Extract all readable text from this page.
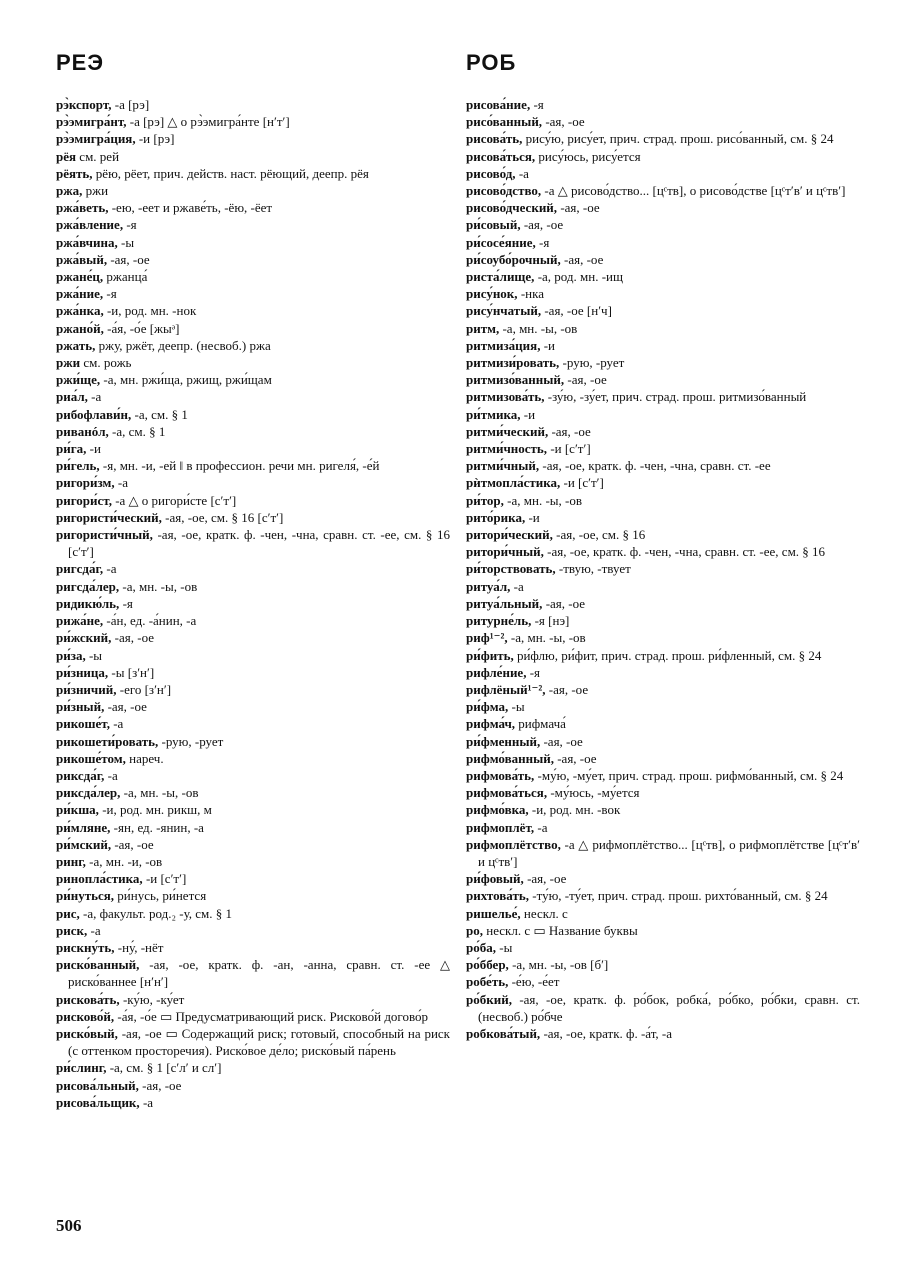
РЕЭ

рэ̀кспорт, -а [рэ]

рэ̀эмигра́нт, -а [рэ] △ о рэ̀эмигра́нте [нʹтʹ]

рэ̀эмигра́ция, -и [рэ]

рёя см. рей

рёять, рёю, рёет, прич. действ. наст. рёющий, деепр. рёя

ржа, ржи

ржа́веть, -ею, -еет и ржаве́ть, -ёю, -ёет

ржа́вление, -я

ржа́вчина, -ы

ржа́вый, -ая, -ое

ржане́ц, ржанца́

ржа́ние, -я

ржа́нка, -и, род. мн. -нок

ржано́й, -а́я, -о́е [жыᵊ]

ржать, ржу, ржёт, деепр. (несвоб.) ржа

ржи см. рожь

ржи́ще, -а, мн. ржи́ща, ржищ, ржи́щам

риа́л, -а

рибофлави́н, -а, см. § 1

риванóл, -а, см. § 1

ри́га, -и

ри́гель, -я, мн. -и, -ей ‖ в профессион. речи мн. ригеля́, -е́й

ригори́зм, -а

ригори́ст, -а △ о ригори́сте [сʹтʹ]

ригористи́ческий, -ая, -ое, см. § 16 [сʹтʹ]

ригористи́чный, -ая, -ое, кратк. ф. -чен, -чна, сравн. ст. -ее, см. § 16 [сʹтʹ]

ригсда́г, -а

ригсда́лер, -а, мн. -ы, -ов

ридикю́ль, -я

рижа́не, -а́н, ед. -а́нин, -а

ри́жский, -ая, -ое

ри́за, -ы

ри́зница, -ы [зʹнʹ]

ри́зничий, -его [зʹнʹ]

ри́зный, -ая, -ое

рикоше́т, -а

рикошети́ровать, -рую, -рует

рикоше́том, нареч.

риксда́г, -а

риксда́лер, -а, мн. -ы, -ов

ри́кша, -и, род. мн. рикш, м

ри́мляне, -ян, ед. -янин, -а

ри́мский, -ая, -ое

ринг, -а, мн. -и, -ов

ринопла́стика, -и [сʹтʹ]

ри́нуться, ри́нусь, ри́нется

рис, -а, факульт. род.₂ -у, см. § 1

риск, -а

рискну́ть, -ну́, -нёт

риско́ванный, -ая, -ое, кратк. ф. -ан, -анна, сравн. ст. -ее △ риско́ваннее [нʹнʹ]

рискова́ть, -ку́ю, -ку́ет

рисково́й, -а́я, -о́е ▭ Предусматривающий риск. Рисково́й догово́р

риско́вый, -ая, -ое ▭ Содержащий риск; готовый, способный на риск (с оттенком просторечия). Риско́вое де́ло; риско́вый па́рень

ри́слинг, -а, см. § 1 [сʹлʹ и слʹ]

рисова́льный, -ая, -ое

рисова́льщик, -а

РОБ

рисова́ние, -я

рисо́ванный, -ая, -ое

рисова́ть, рису́ю, рису́ет, прич. страд. прош. рисо́ванный, см. § 24

рисова́ться, рису́юсь, рису́ется

рисово́д, -а

рисово́дство, -а △ рисово́дство... [цᶜтв], о рисово́дстве [цᶜтʹвʹ и цᶜтвʹ]

рисово́дческий, -ая, -ое

ри́совый, -ая, -ое

ри́сосе́яние, -я

ри́соубо́рочный, -ая, -ое

риста́лище, -а, род. мн. -ищ

рису́нок, -нка

рису́нчатый, -ая, -ое [нʹч]

ритм, -а, мн. -ы, -ов

ритмиза́ция, -и

ритмизи́ровать, -рую, -рует

ритмизо́ванный, -ая, -ое

ритмизова́ть, -зу́ю, -зу́ет, прич. страд. прош. ритмизо́ванный

ри́тмика, -и

ритми́ческий, -ая, -ое

ритми́чность, -и [сʹтʹ]

ритми́чный, -ая, -ое, кратк. ф. -чен, -чна, сравн. ст. -ее

рѝтмопла́стика, -и [сʹтʹ]

ри́тор, -а, мн. -ы, -ов

рито́рика, -и

ритори́ческий, -ая, -ое, см. § 16

ритори́чный, -ая, -ое, кратк. ф. -чен, -чна, сравн. ст. -ее, см. § 16

ри́торствовать, -твую, -твует

ритуа́л, -а

ритуа́льный, -ая, -ое

ритурне́ль, -я [нэ]

риф¹⁻², -а, мн. -ы, -ов

ри́фить, ри́флю, ри́фит, прич. страд. прош. ри́фленный, см. § 24

рифле́ние, -я

рифлёный¹⁻², -ая, -ое

ри́фма, -ы

рифма́ч, рифмача́

ри́фменный, -ая, -ое

рифмо́ванный, -ая, -ое

рифмова́ть, -му́ю, -му́ет, прич. страд. прош. рифмо́ванный, см. § 24

рифмова́ться, -му́юсь, -му́ется

рифмо́вка, -и, род. мн. -вок

рифмоплёт, -а

рифмоплётство, -а △ рифмоплётство... [цᶜтв], о рифмоплётстве [цᶜтʹвʹ и цᶜтвʹ]

ри́фовый, -ая, -ое

рихтова́ть, -ту́ю, -ту́ет, прич. страд. прош. рихто́ванный, см. § 24

ришелье́, нескл. с

ро, нескл. с ▭ Название буквы

ро́ба, -ы

ро́ббер, -а, мн. -ы, -ов [бʹ]

робе́ть, -е́ю, -е́ет

ро́бкий, -ая, -ое, кратк. ф. ро́бок, робка́, ро́бко, ро́бки, сравн. ст. (несвоб.) ро́бче

робкова́тый, -ая, -ое, кратк. ф. -а́т, -а

506
